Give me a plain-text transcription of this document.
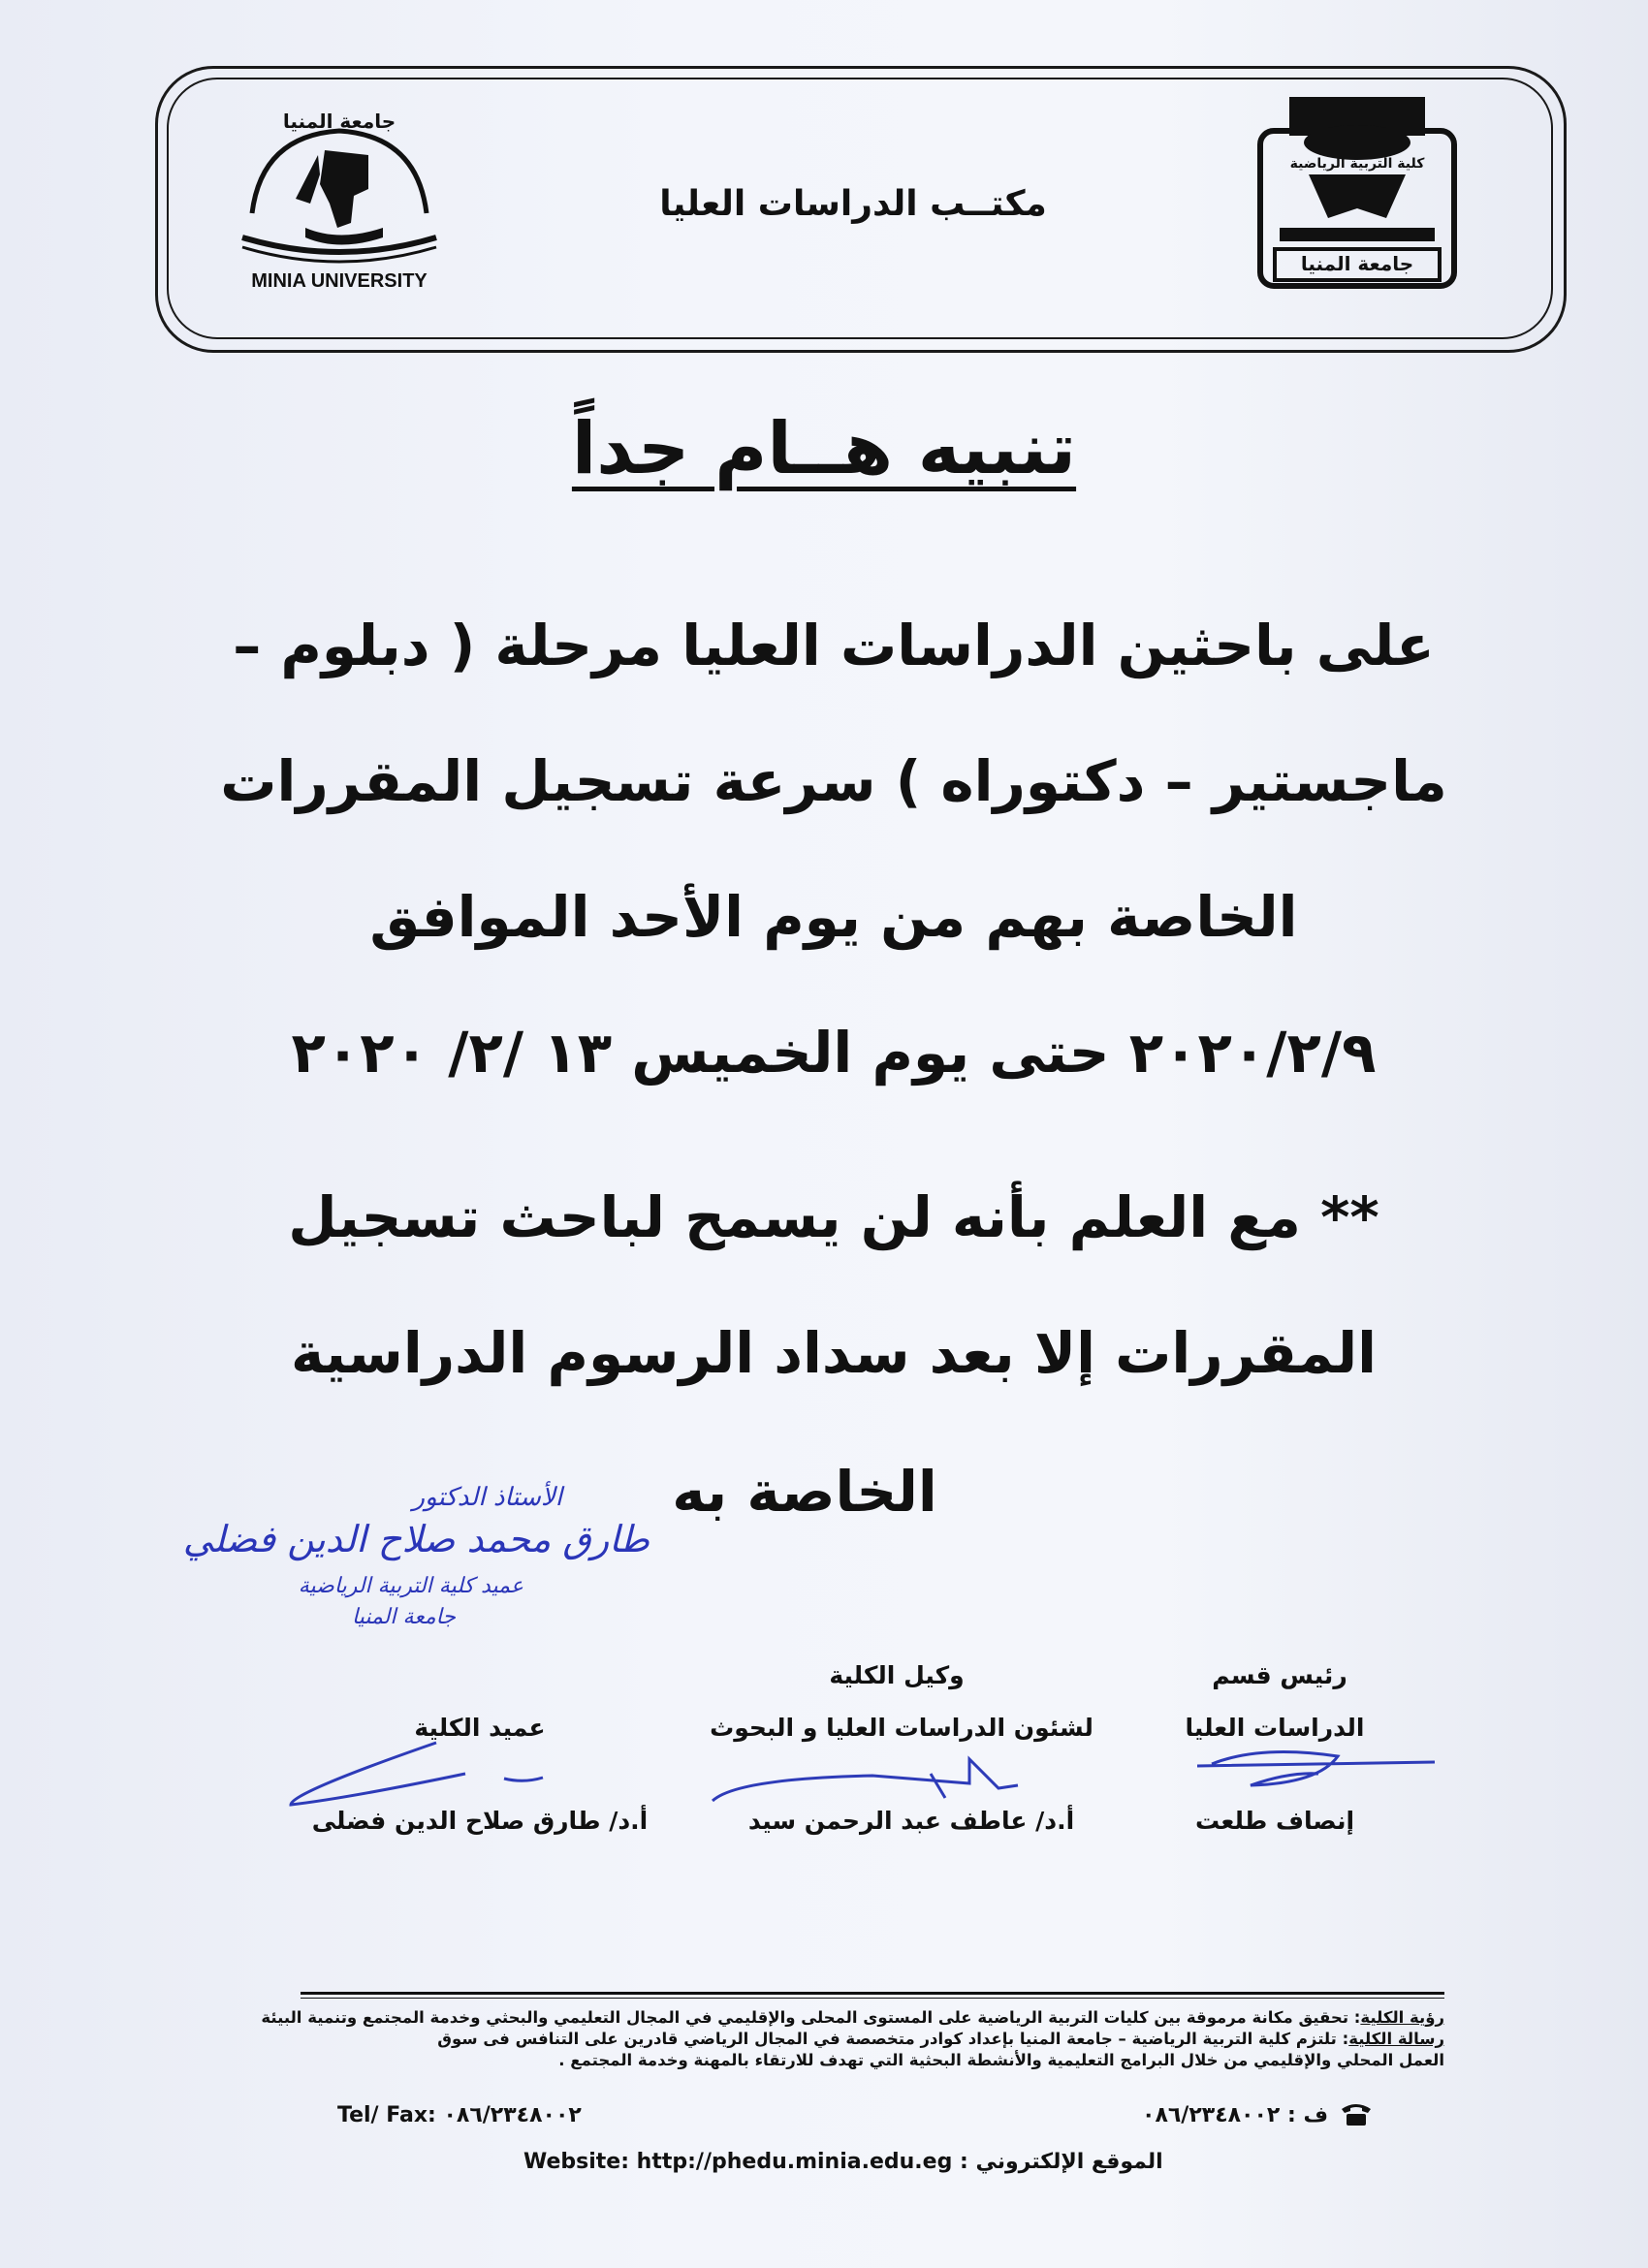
جامعة المنيا
MINIA UNIVERSITY
مكتــب الدراسات العليا
كلية التربية الرياضية
جامعة المنيا
تنبيه هــام جداً
على باحثين الدراسات العليا مرحلة ( دبلوم –
ماجستير – دكتوراه ) سرعة تسجيل المقررات
الخاصة بهم من يوم الأحد الموافق
٢٠٢٠/٢/٩ حتى يوم الخميس ١٣ /٢/ ٢٠٢٠
** مع العلم بأنه لن يسمح لباحث تسجيل
المقررات إلا بعد سداد الرسوم الدراسية
الخاصة به
الأستاذ الدكتور
طارق محمد صلاح الدين فضلي
عميد كلية التربية الرياضية
جامعة المنيا
رئيس قسم
الدراسات العليا
إنصاف طلعت
وكيل الكلية
لشئون الدراسات العليا و البحوث
أ.د/ عاطف عبد الرحمن سيد
عميد الكلية
أ.د/ طارق صلاح الدين فضلى
رؤية الكلية: تحقيق مكانة مرموقة بين كليات التربية الرياضية على المستوى المحلى والإقليمي في المجال التعليمي والبحثي وخدمة المجتمع وتنمية البيئة
رسالة الكلية: تلتزم كلية التربية الرياضية – جامعة المنيا بإعداد كوادر متخصصة في المجال الرياضي قادرين على التنافس فى سوق
العمل المحلي والإقليمي من خلال البرامج التعليمية والأنشطة البحثية التي تهدف للارتقاء بالمهنة وخدمة المجتمع .
Tel/ Fax: ٠٨٦/٢٣٤٨٠٠٢	ف : ٠٨٦/٢٣٤٨٠٠٢
Website: http://phedu.minia.edu.eg : الموقع الإلكتروني
